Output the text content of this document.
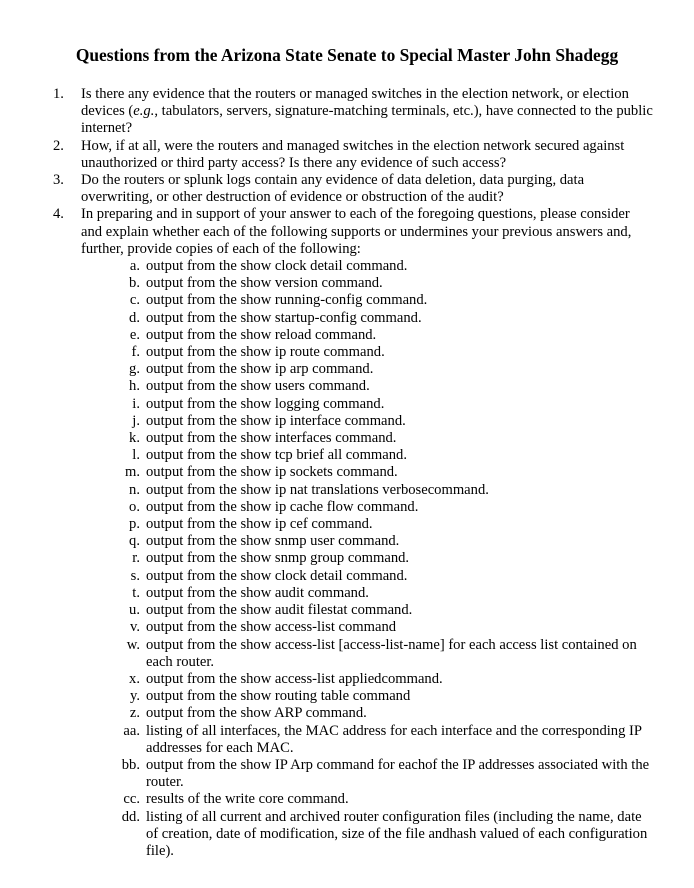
Questions from the Arizona State Senate to Special Master John Shadegg
1.	Is there any evidence that the routers or managed switches in the election network, or election devices (e.g., tabulators, servers, signature-matching terminals, etc.), have connected to the public internet?
2.	How, if at all, were the routers and managed switches in the election network secured against unauthorized or third party access? Is there any evidence of such access?
3.	Do the routers or splunk logs contain any evidence of data deletion, data purging, data overwriting, or other destruction of evidence or obstruction of the audit?
4.	In preparing and in support of your answer to each of the foregoing questions, please consider and explain whether each of the following supports or undermines your previous answers and, further, provide copies of each of the following:
a. output from the show clock detail command.
b. output from the show version command.
c. output from the show running-config command.
d. output from the show startup-config command.
e. output from the show reload command.
f. output from the show ip route command.
g. output from the show ip arp command.
h. output from the show users command.
i. output from the show logging command.
j. output from the show ip interface command.
k. output from the show interfaces command.
l. output from the show tcp brief all command.
m. output from the show ip sockets command.
n. output from the show ip nat translations verbosecommand.
o. output from the show ip cache flow command.
p. output from the show ip cef command.
q. output from the show snmp user command.
r. output from the show snmp group command.
s. output from the show clock detail command.
t. output from the show audit command.
u. output from the show audit filestat command.
v. output from the show access-list command
w. output from the show access-list [access-list-name] for each access list contained on each router.
x. output from the show access-list appliedcommand.
y. output from the show routing table command
z. output from the show ARP command.
aa. listing of all interfaces, the MAC address for each interface and the corresponding IP addresses for each MAC.
bb. output from the show IP Arp command for eachof the IP addresses associated with the router.
cc. results of the write core command.
dd. listing of all current and archived router configuration files (including the name, date of creation, date of modification, size of the file andhash valued of each configuration file).
